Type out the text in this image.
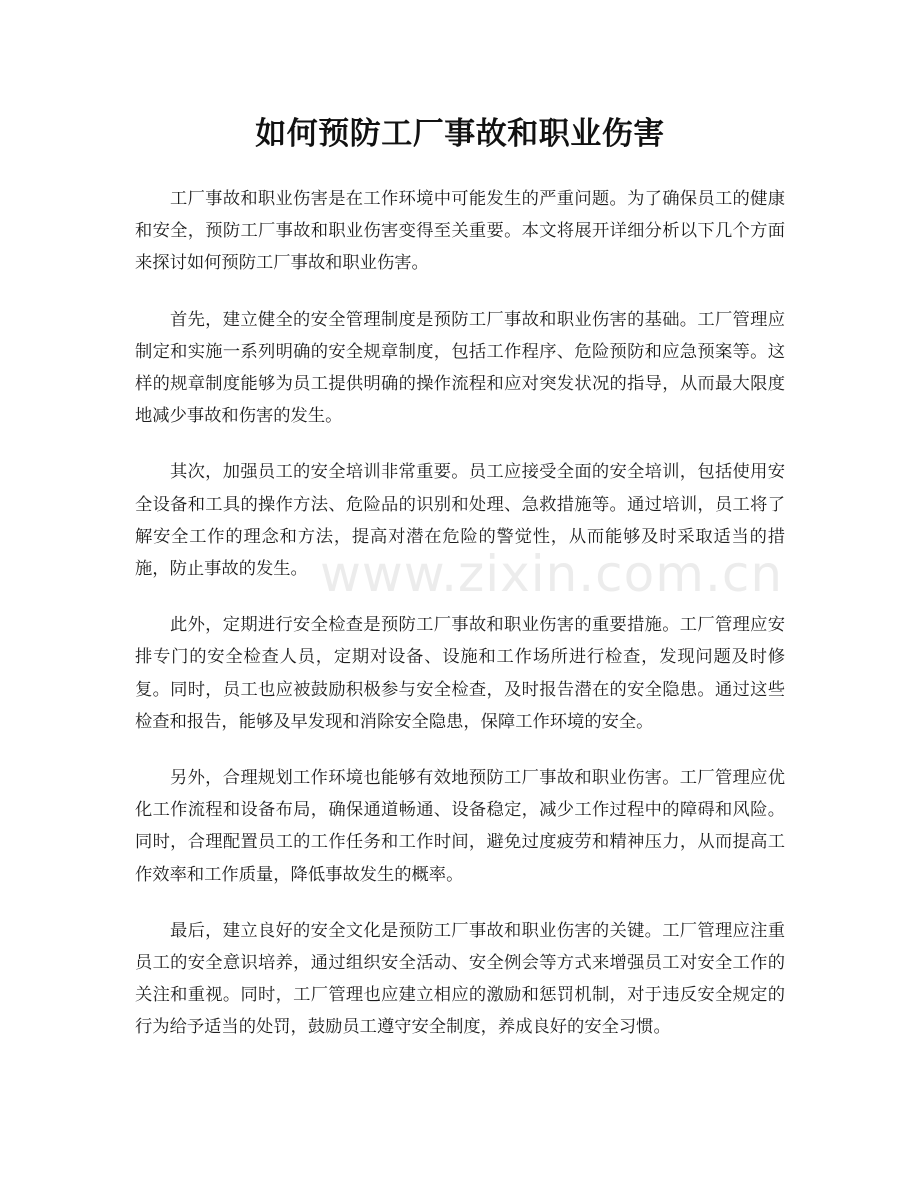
如何预防工厂事故和职业伤害

工厂事故和职业伤害是在工作环境中可能发生的严重问题。为了确保员工的健康和安全，预防工厂事故和职业伤害变得至关重要。本文将展开详细分析以下几个方面来探讨如何预防工厂事故和职业伤害。

首先，建立健全的安全管理制度是预防工厂事故和职业伤害的基础。工厂管理应制定和实施一系列明确的安全规章制度，包括工作程序、危险预防和应急预案等。这样的规章制度能够为员工提供明确的操作流程和应对突发状况的指导，从而最大限度地减少事故和伤害的发生。

其次，加强员工的安全培训非常重要。员工应接受全面的安全培训，包括使用安全设备和工具的操作方法、危险品的识别和处理、急救措施等。通过培训，员工将了解安全工作的理念和方法，提高对潜在危险的警觉性，从而能够及时采取适当的措施，防止事故的发生。

此外，定期进行安全检查是预防工厂事故和职业伤害的重要措施。工厂管理应安排专门的安全检查人员，定期对设备、设施和工作场所进行检查，发现问题及时修复。同时，员工也应被鼓励积极参与安全检查，及时报告潜在的安全隐患。通过这些检查和报告，能够及早发现和消除安全隐患，保障工作环境的安全。

另外，合理规划工作环境也能够有效地预防工厂事故和职业伤害。工厂管理应优化工作流程和设备布局，确保通道畅通、设备稳定，减少工作过程中的障碍和风险。同时，合理配置员工的工作任务和工作时间，避免过度疲劳和精神压力，从而提高工作效率和工作质量，降低事故发生的概率。

最后，建立良好的安全文化是预防工厂事故和职业伤害的关键。工厂管理应注重员工的安全意识培养，通过组织安全活动、安全例会等方式来增强员工对安全工作的关注和重视。同时，工厂管理也应建立相应的激励和惩罚机制，对于违反安全规定的行为给予适当的处罚，鼓励员工遵守安全制度，养成良好的安全习惯。

www.zixin.com.cn
